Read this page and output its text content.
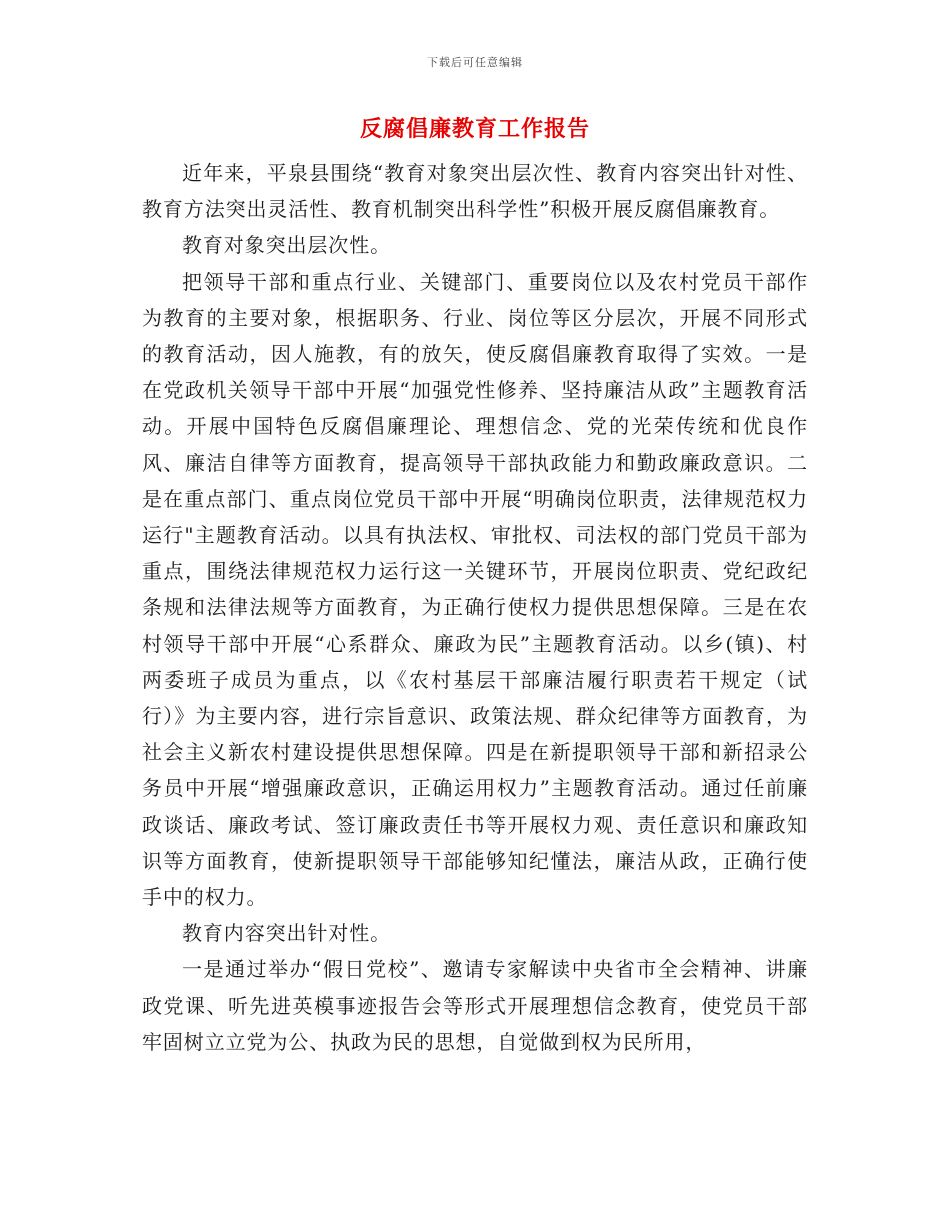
下载后可任意编辑
反腐倡廉教育工作报告

近年来，平泉县围绕“教育对象突出层次性、教育内容突出针对性、教育方法突出灵活性、教育机制突出科学性”积极开展反腐倡廉教育。

教育对象突出层次性。

把领导干部和重点行业、关键部门、重要岗位以及农村党员干部作为教育的主要对象，根据职务、行业、岗位等区分层次，开展不同形式的教育活动，因人施教，有的放矢，使反腐倡廉教育取得了实效。一是在党政机关领导干部中开展“加强党性修养、坚持廉洁从政”主题教育活动。开展中国特色反腐倡廉理论、理想信念、党的光荣传统和优良作风、廉洁自律等方面教育，提高领导干部执政能力和勤政廉政意识。二是在重点部门、重点岗位党员干部中开展“明确岗位职责，法律规范权力运行"主题教育活动。以具有执法权、审批权、司法权的部门党员干部为重点，围绕法律规范权力运行这一关键环节，开展岗位职责、党纪政纪条规和法律法规等方面教育，为正确行使权力提供思想保障。三是在农村领导干部中开展“心系群众、廉政为民”主题教育活动。以乡(镇)、村两委班子成员为重点，以《农村基层干部廉洁履行职责若干规定（试行）》为主要内容，进行宗旨意识、政策法规、群众纪律等方面教育，为社会主义新农村建设提供思想保障。四是在新提职领导干部和新招录公务员中开展“增强廉政意识，正确运用权力”主题教育活动。通过任前廉政谈话、廉政考试、签订廉政责任书等开展权力观、责任意识和廉政知识等方面教育，使新提职领导干部能够知纪懂法，廉洁从政，正确行使手中的权力。

教育内容突出针对性。

一是通过举办“假日党校”、邀请专家解读中央省市全会精神、讲廉政党课、听先进英模事迹报告会等形式开展理想信念教育，使党员干部牢固树立立党为公、执政为民的思想，自觉做到权为民所用，
